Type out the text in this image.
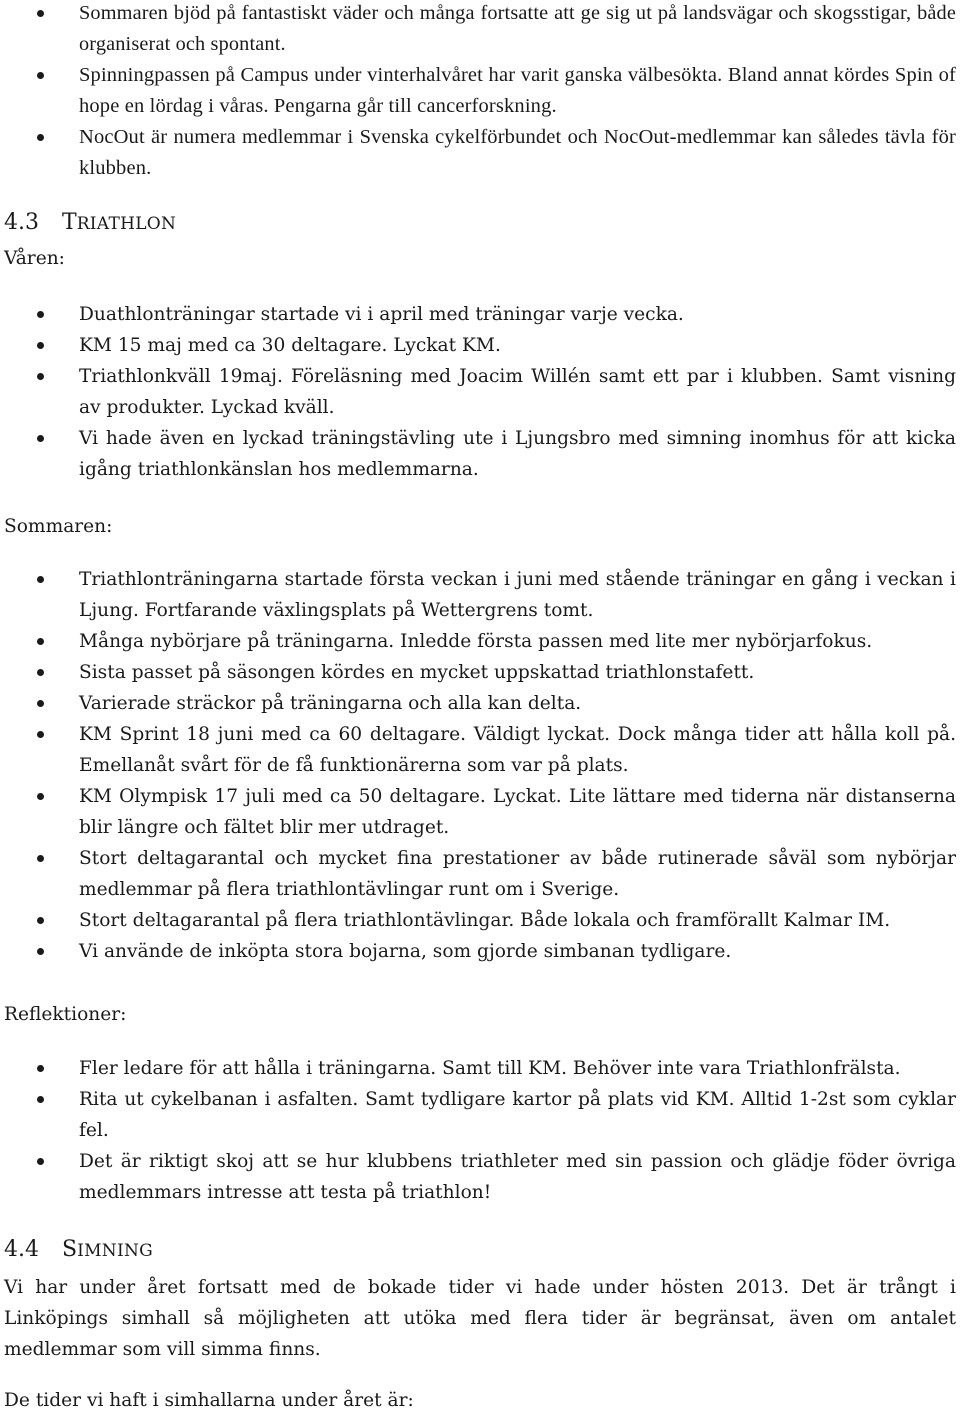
Sommaren bjöd på fantastiskt väder och många fortsatte att ge sig ut på landsvägar och skogsstigar, både organiserat och spontant.
Spinningpassen på Campus under vinterhalvåret har varit ganska välbesökta. Bland annat kördes Spin of hope en lördag i våras. Pengarna går till cancerforskning.
NocOut är numera medlemmar i Svenska cykelförbundet och NocOut-medlemmar kan således tävla för klubben.
4.3 TRIATHLON
Våren:
Duathlonträningar startade vi i april med träningar varje vecka.
KM 15 maj med ca 30 deltagare. Lyckat KM.
Triathlonkväll 19maj. Föreläsning med Joacim Willén samt ett par i klubben. Samt visning av produkter. Lyckad kväll.
Vi hade även en lyckad träningstävling ute i Ljungsbro med simning inomhus för att kicka igång triathlonkänslan hos medlemmarna.
Sommaren:
Triathlonträningarna startade första veckan i juni med stående träningar en gång i veckan i Ljung. Fortfarande växlingsplats på Wettergrens tomt.
Många nybörjare på träningarna. Inledde första passen med lite mer nybörjarfokus.
Sista passet på säsongen kördes en mycket uppskattad triathlonstafett.
Varierade sträckor på träningarna och alla kan delta.
KM Sprint 18 juni med ca 60 deltagare. Väldigt lyckat. Dock många tider att hålla koll på. Emellanåt svårt för de få funktionärerna som var på plats.
KM Olympisk 17 juli med ca 50 deltagare. Lyckat. Lite lättare med tiderna när distanserna blir längre och fältet blir mer utdraget.
Stort deltagarantal och mycket fina prestationer av både rutinerade såväl som nybörjar medlemmar på flera triathlontävlingar runt om i Sverige.
Stort deltagarantal på flera triathlontävlingar. Både lokala och framförallt Kalmar IM.
Vi använde de inköpta stora bojarna, som gjorde simbanan tydligare.
Reflektioner:
Fler ledare för att hålla i träningarna. Samt till KM. Behöver inte vara Triathlonfrälsta.
Rita ut cykelbanan i asfalten. Samt tydligare kartor på plats vid KM. Alltid 1-2st som cyklar fel.
Det är riktigt skoj att se hur klubbens triathleter med sin passion och glädje föder övriga medlemmars intresse att testa på triathlon!
4.4 SIMNING

Vi har under året fortsatt med de bokade tider vi hade under hösten 2013. Det är trångt i Linköpings simhall så möjligheten att utöka med flera tider är begränsat, även om antalet medlemmar som vill simma finns.

De tider vi haft i simhallarna under året är:
